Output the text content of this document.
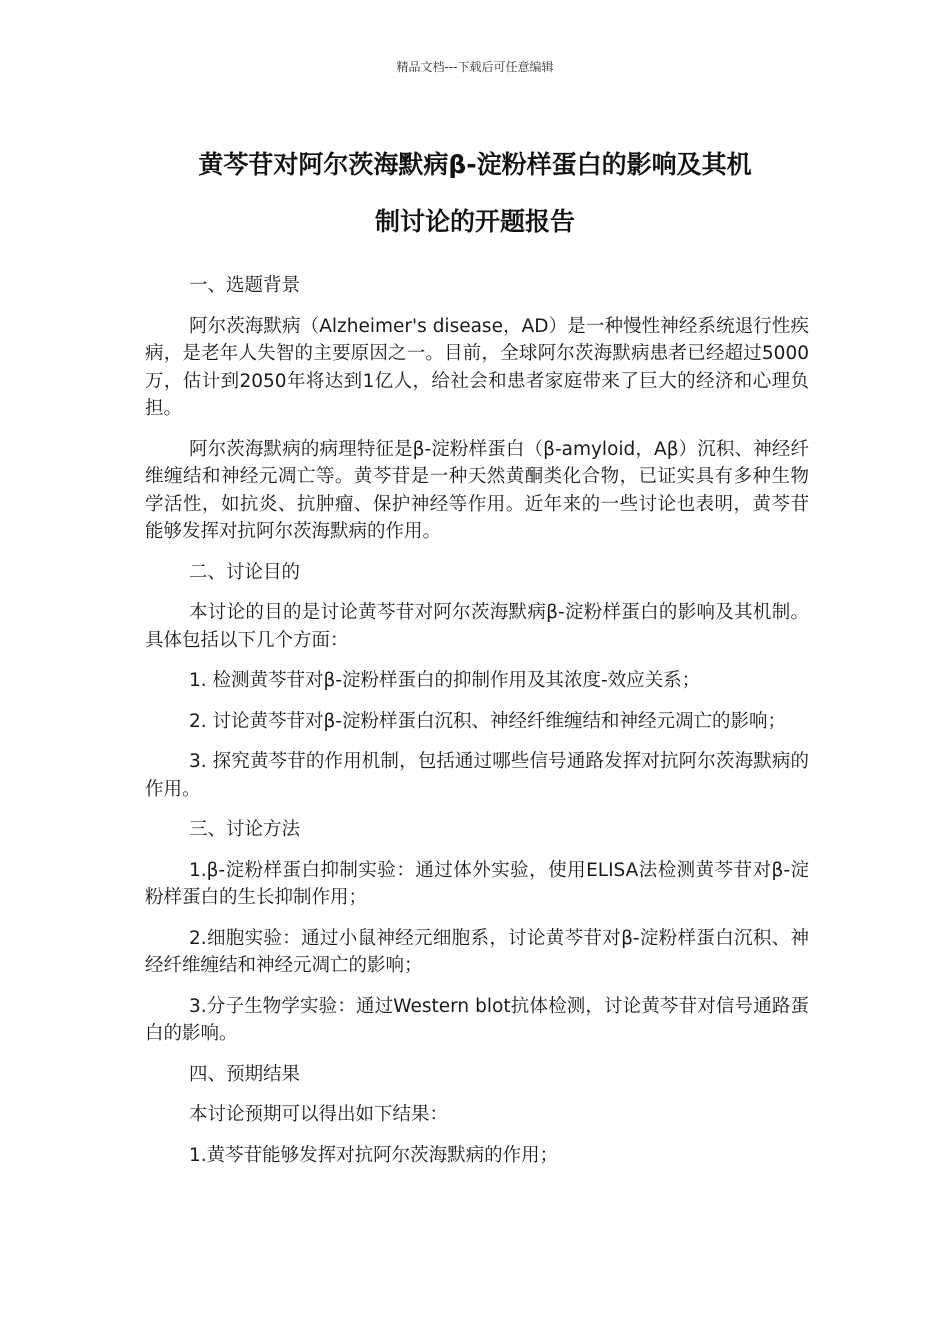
精品文档---下载后可任意编辑
黄芩苷对阿尔茨海默病β-淀粉样蛋白的影响及其机
制讨论的开题报告

一、选题背景

阿尔茨海默病（Alzheimer's disease，AD）是一种慢性神经系统退行性疾病，是老年人失智的主要原因之一。目前，全球阿尔茨海默病患者已经超过5000万，估计到2050年将达到1亿人，给社会和患者家庭带来了巨大的经济和心理负担。

阿尔茨海默病的病理特征是β-淀粉样蛋白（β-amyloid，Aβ）沉积、神经纤维缠结和神经元凋亡等。黄芩苷是一种天然黄酮类化合物，已证实具有多种生物学活性，如抗炎、抗肿瘤、保护神经等作用。近年来的一些讨论也表明，黄芩苷能够发挥对抗阿尔茨海默病的作用。

二、讨论目的

本讨论的目的是讨论黄芩苷对阿尔茨海默病β-淀粉样蛋白的影响及其机制。具体包括以下几个方面：

1. 检测黄芩苷对β-淀粉样蛋白的抑制作用及其浓度-效应关系；

2. 讨论黄芩苷对β-淀粉样蛋白沉积、神经纤维缠结和神经元凋亡的影响；

3. 探究黄芩苷的作用机制，包括通过哪些信号通路发挥对抗阿尔茨海默病的作用。

三、讨论方法

1.β-淀粉样蛋白抑制实验：通过体外实验，使用ELISA法检测黄芩苷对β-淀粉样蛋白的生长抑制作用；

2.细胞实验：通过小鼠神经元细胞系，讨论黄芩苷对β-淀粉样蛋白沉积、神经纤维缠结和神经元凋亡的影响；

3.分子生物学实验：通过Western blot抗体检测，讨论黄芩苷对信号通路蛋白的影响。

四、预期结果

本讨论预期可以得出如下结果：

1.黄芩苷能够发挥对抗阿尔茨海默病的作用；
